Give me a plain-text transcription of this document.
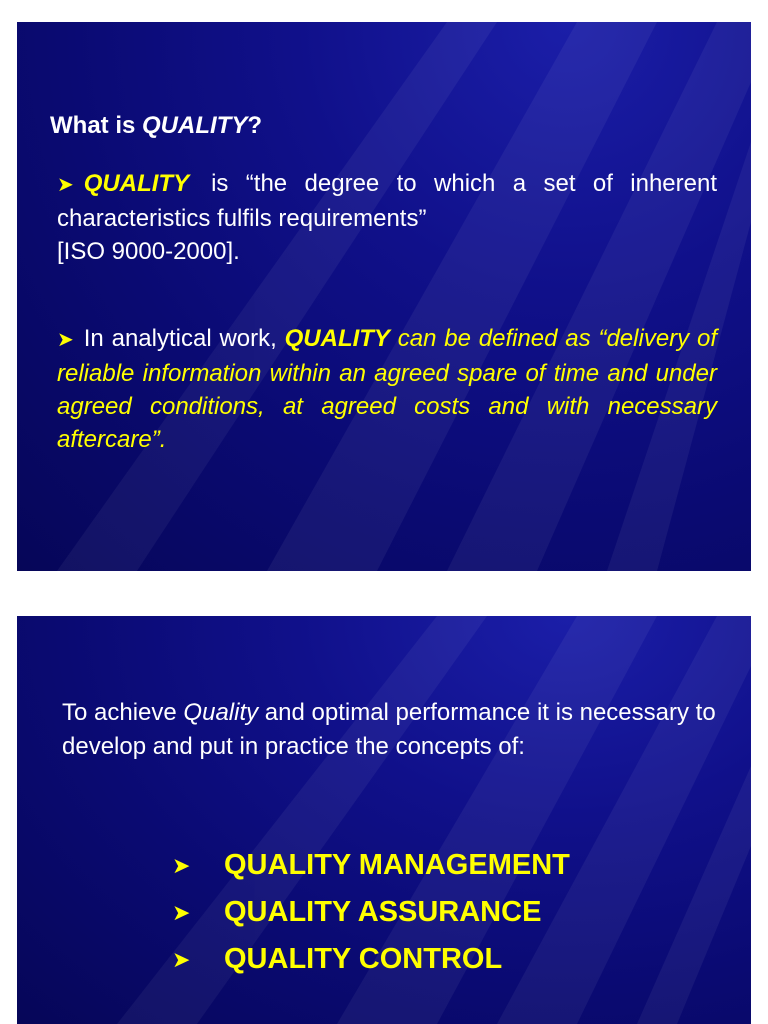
What is QUALITY?

➤ QUALITY is “the degree to which a set of inherent characteristics fulfils requirements”
[ISO 9000-2000].

➤ In analytical work, QUALITY can be defined as “delivery of reliable information within an agreed spare of time and under agreed conditions, at agreed costs and with necessary aftercare”.

To achieve Quality and optimal performance it is necessary to develop and put in practice the concepts of:

➤ QUALITY MANAGEMENT
➤ QUALITY ASSURANCE
➤ QUALITY CONTROL
